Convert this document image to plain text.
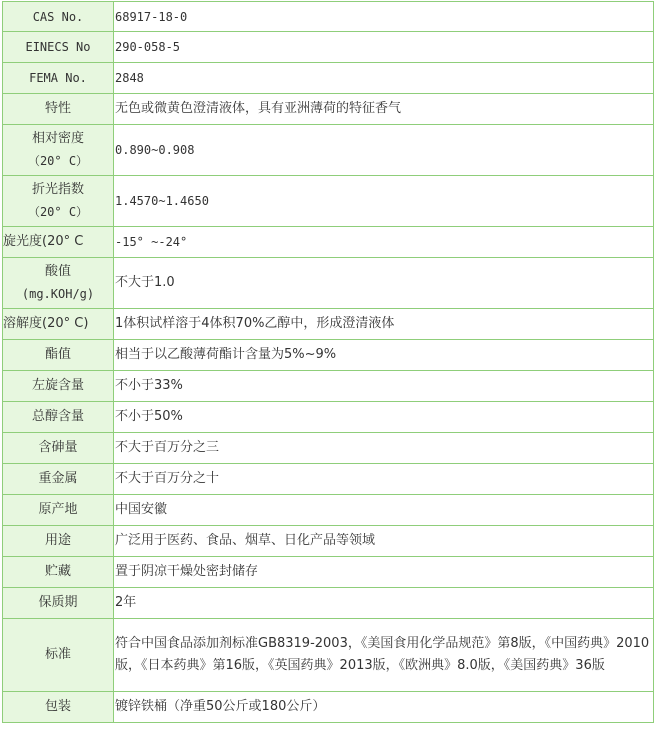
CAS No.	68917-18-0
EINECS No	290-058-5
FEMA No.	2848
特性	无色或微黄色澄清液体，具有亚洲薄荷的特征香气

相对密度
（20° C）	0.890~0.908

折光指数
（20° C）	1.4570~1.4650
旋光度(20° C	-15° ~-24°

酸值
(mg.KOH/g)	不大于1.0
溶解度(20° C)	1体积试样溶于4体积70%乙醇中，形成澄清液体
酯值	相当于以乙酸薄荷酯计含量为5%~9%
左旋含量	不小于33%
总醇含量	不小于50%
含砷量	不大于百万分之三
重金属	不大于百万分之十
原产地	中国安徽
用途	广泛用于医药、食品、烟草、日化产品等领域
贮藏	置于阴凉干燥处密封储存
保质期	2年
标准	符合中国食品添加剂标准GB8319-2003，《美国食用化学品规范》第8版，《中国药典》2010版，《日本药典》第16版，《英国药典》2013版，《欧洲典》8.0版，《美国药典》36版
包装	镀锌铁桶（净重50公斤或180公斤）
